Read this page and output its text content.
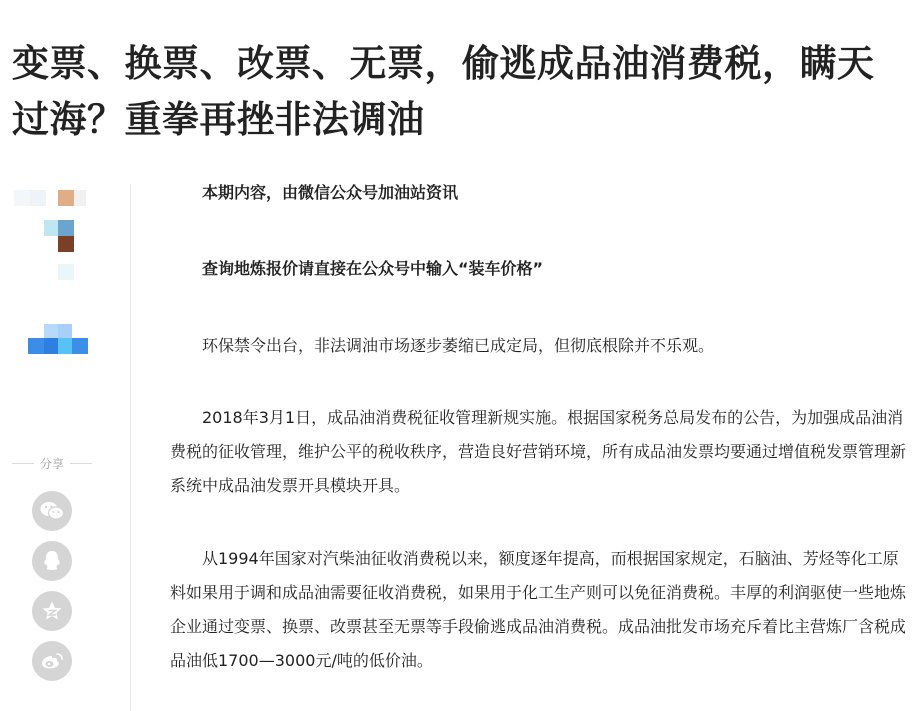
变票、换票、改票、无票，偷逃成品油消费税，瞒天过海？重拳再挫非法调油
分享

本期内容，由微信公众号加油站资讯

查询地炼报价请直接在公众号中输入“装车价格”

环保禁令出台，非法调油市场逐步萎缩已成定局，但彻底根除并不乐观。

2018年3月1日，成品油消费税征收管理新规实施。根据国家税务总局发布的公告，为加强成品油消费税的征收管理，维护公平的税收秩序，营造良好营销环境，所有成品油发票均要通过增值税发票管理新系统中成品油发票开具模块开具。

从1994年国家对汽柴油征收消费税以来，额度逐年提高，而根据国家规定，石脑油、芳烃等化工原料如果用于调和成品油需要征收消费税，如果用于化工生产则可以免征消费税。丰厚的利润驱使一些地炼企业通过变票、换票、改票甚至无票等手段偷逃成品油消费税。成品油批发市场充斥着比主营炼厂含税成品油低1700—3000元/吨的低价油。
